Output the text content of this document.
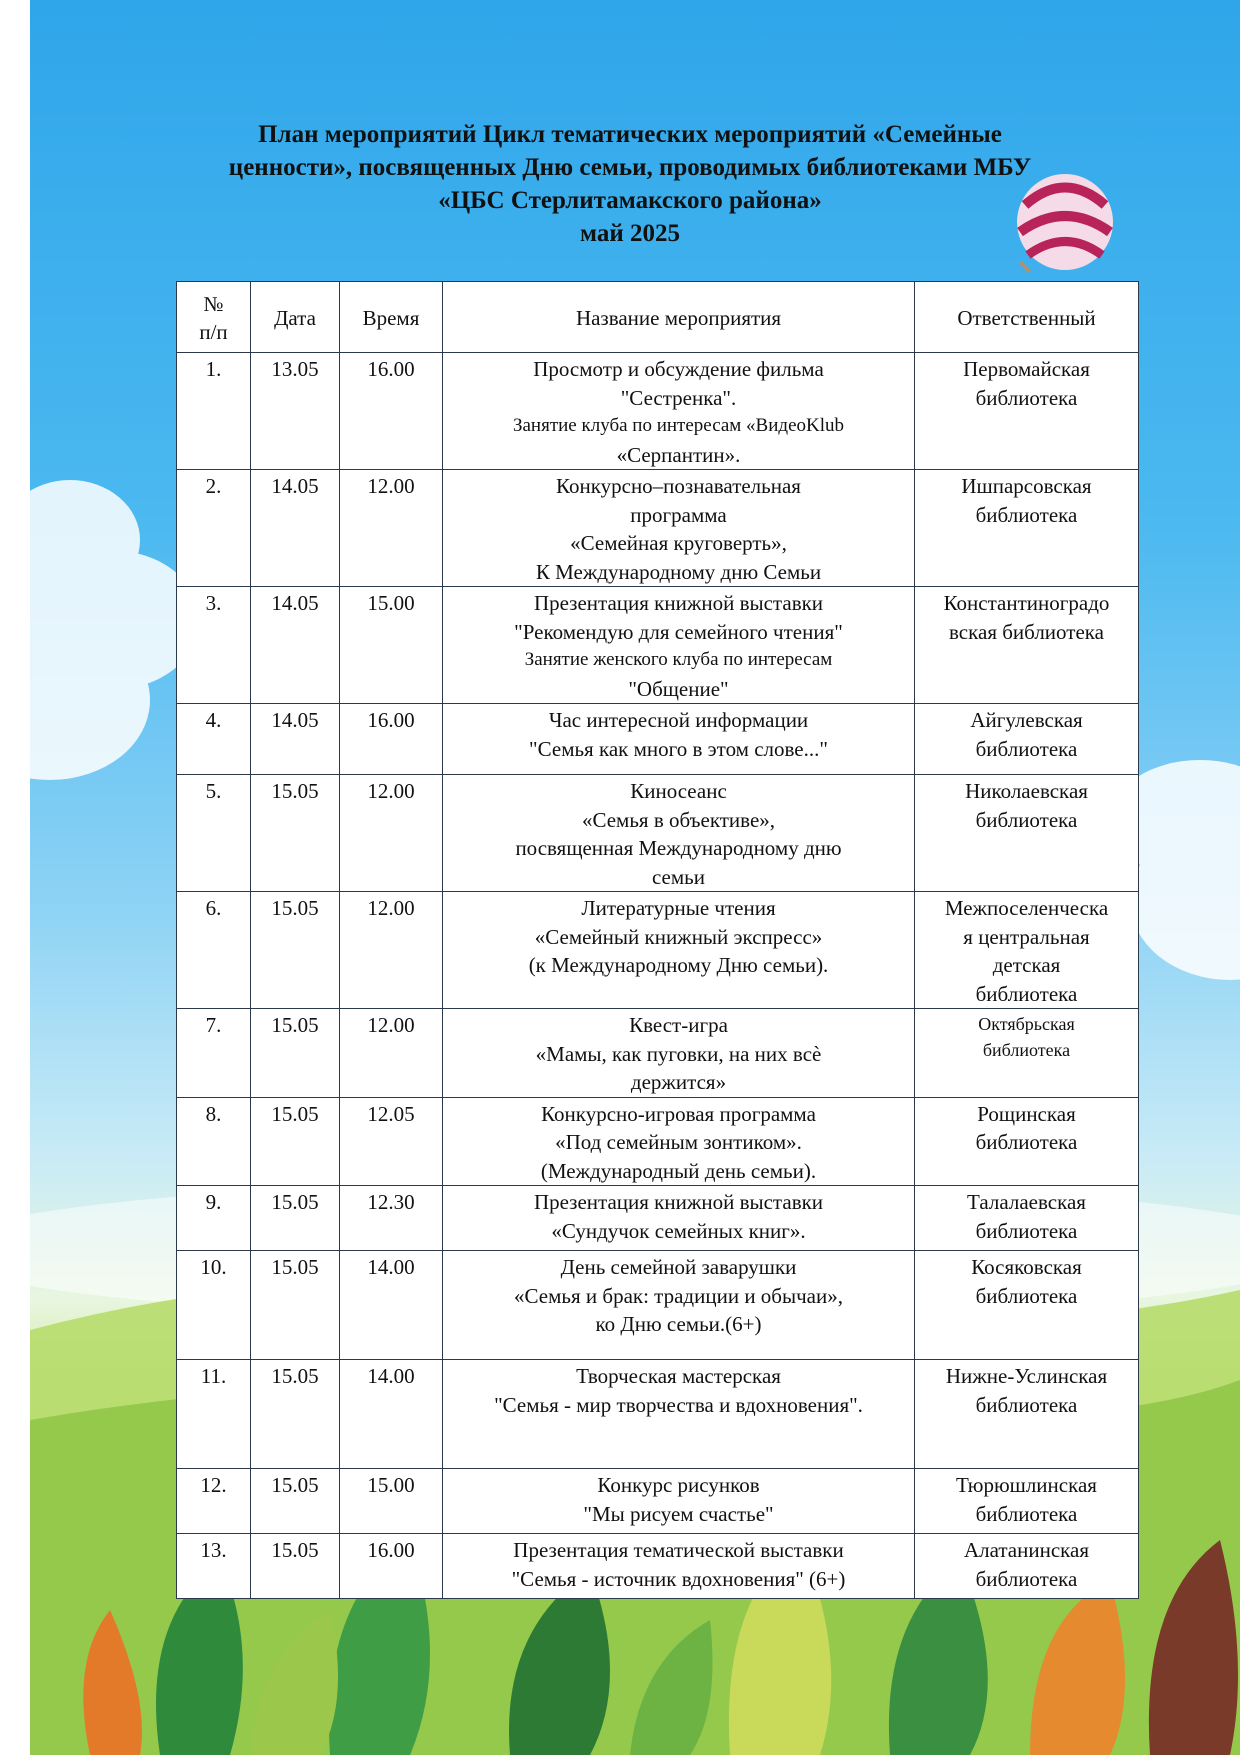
План мероприятий Цикл тематических мероприятий «Семейные
ценности», посвященных Дню семьи, проводимых библиотеками МБУ
«ЦБС Стерлитамакского района»
май 2025
№
п/п	Дата	Время	Название мероприятия	Ответственный
1.	13.05	16.00	Просмотр и обсуждение фильма
"Сестренка".
Занятие клуба по интересам «ВидеоKlub
«Серпантин».	Первомайская
библиотека

2.	14.05	12.00	Конкурсно–познавательная
программа
«Семейная круговерть»,
К Международному дню Семьи	Ишпарсовская
библиотека

3.	14.05	15.00	Презентация книжной выставки
"Рекомендую для семейного чтения"
Занятие женского клуба по интересам
"Общение"	Константиноградо
вская библиотека

4.	14.05	16.00	Час интересной информации
"Семья как много в этом слове..."	Айгулевская
библиотека

5.	15.05	12.00	Киносеанс
«Семья в объективе»,
посвященная Международному дню
семьи	Николаевская
библиотека

6.	15.05	12.00	Литературные чтения
«Семейный книжный экспресс»
(к Международному Дню семьи).	Межпоселенческа
я центральная
детская
библиотека

7.	15.05	12.00	Квест-игра
«Мамы, как пуговки, на них всѐ
держится»	Октябрьская
библиотека

8.	15.05	12.05	Конкурсно-игровая программа
«Под семейным зонтиком».
(Международный день семьи).	Рощинская
библиотека

9.	15.05	12.30	Презентация книжной выставки
«Сундучок семейных книг».	Талалаевская
библиотека

10.	15.05	14.00	День семейной заварушки
«Семья и брак: традиции и обычаи»,
ко Дню семьи.(6+)	Косяковская
библиотека

11.	15.05	14.00	Творческая мастерская
"Семья - мир творчества и вдохновения".	Нижне-Услинская
библиотека

12.	15.05	15.00	Конкурс рисунков
"Мы рисуем счастье"	Тюрюшлинская
библиотека

13.	15.05	16.00	Презентация тематической выставки
"Семья - источник вдохновения" (6+)	Алатанинская
библиотека
